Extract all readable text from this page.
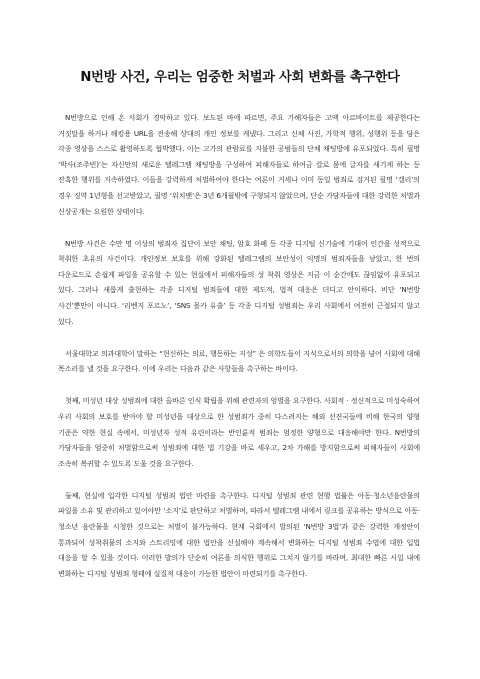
N번방 사건, 우리는 엄중한 처벌과 사회 변화를 촉구한다

N번방으로 인해 온 사회가 경악하고 있다. 보도된 바에 따르면, 주요 가해자들은 고액 아르바이트를 제공한다는 거짓말을 하거나 해킹용 URL을 전송해 상대의 개인 정보를 캐냈다. 그리고 신체 사진, 가학적 행위, 성행위 등을 담은 각종 영상을 스스로 촬영하도록 협박했다. 이는 고가의 관람료를 지불한 공범들의 단체 채팅방에 유포되었다. 특히 필명 ‘박사(조주빈)’는 자신만의 새로운 텔레그램 채팅방을 구성하여 피해자들로 하여금 칼로 몸에 글자를 새기게 하는 등 잔혹한 행위를 지속하였다. 이들을 강력하게 처벌하여야 한다는 여론이 거세나 이미 동일 범죄로 검거된 필명 ‘갤리’의 경우 징역 1년형을 선고받았고, 필명 ‘워치맨’은 3년 6개월밖에 구형되지 않았으며, 단순 가담자들에 대한 강력한 처벌과 신상공개는 요원한 상태이다.

N번방 사건은 수만 명 이상의 범죄자 집단이 보안 채팅, 암호 화폐 등 각종 디지털 신기술에 기대어 인간을 성적으로 착취한 초유의 사건이다. 개인정보 보호를 위해 강화된 텔레그램의 보안성이 익명의 범죄자들을 낳았고, 한 번의 다운로드로 손쉽게 파일을 공유할 수 있는 현실에서 피해자들의 성 착취 영상은 지금 이 순간에도 끊임없이 유포되고 있다. 그러나 새롭게 출현하는 각종 디지털 범죄들에 대한 제도적, 법적 대응은 더디고 안이하다. 비단 ‘N번방 사건’뿐만이 아니다. ‘리벤지 포르노’, ‘SNS 몰카 유출’ 등 각종 디지털 성범죄는 우리 사회에서 여전히 근절되지 않고 있다.

서울대학교 의과대학이 말하는 “현신하는 의료, 행동하는 지성” 은 의학도들이 지식으로서의 의학을 넘어 사회에 대해 목소리를 낼 것을 요구한다. 이에 우리는 다음과 같은 사항들을 촉구하는 바이다.

첫째, 미성년 대상 성범죄에 대한 올바른 인식 확립을 위해 관련자의 엄벌을 요구한다. 사회적 · 정신적으로 미성숙하여 우리 사회의 보호를 받아야 할 미성년을 대상으로 한 성범죄가 중히 다스려지는 해외 선진국들에 비해 한국의 양형 기준은 약한 현실 속에서, 미성년자 성적 유린이라는 반인륜적 범죄는 엄정한 양형으로 대응해야만 한다. N번방의 가담자들을 엄중히 처벌함으로써 성범죄에 대한 법 기강을 바로 세우고, 2차 가해를 방지함으로써 피해자들이 사회에 조속히 복귀할 수 있도록 도울 것을 요구한다.

둘째, 현실에 입각한 디지털 성범죄 법안 마련을 촉구한다. 디지털 성범죄 관련 현행 법률은 아동·청소년음란물의 파일을 소유 및 관리하고 있어야만 ‘소지’로 판단하고 처벌하며, 따라서 텔레그램 내에서 링크를 공유하는 방식으로 아동·청소년 음란물을 시청한 것으로는 처벌이 불가능하다. 현재 국회에서 발의된 ‘N번방 3법’과 같은 강력한 개정안이 통과되어 성착취물의 소지와 스트리밍에 대한 법안을 신설해야 계속해서 변화하는 디지털 성범죄 수법에 대한 입법 대응을 할 수 있을 것이다. 이러한 발의가 단순히 여론을 의식한 행위로 그치지 않기를 바라며, 최대한 빠른 시일 내에 변화하는 디지털 성범죄 형태에 실질적 대응이 가능한 법안이 마련되기를 촉구한다.
